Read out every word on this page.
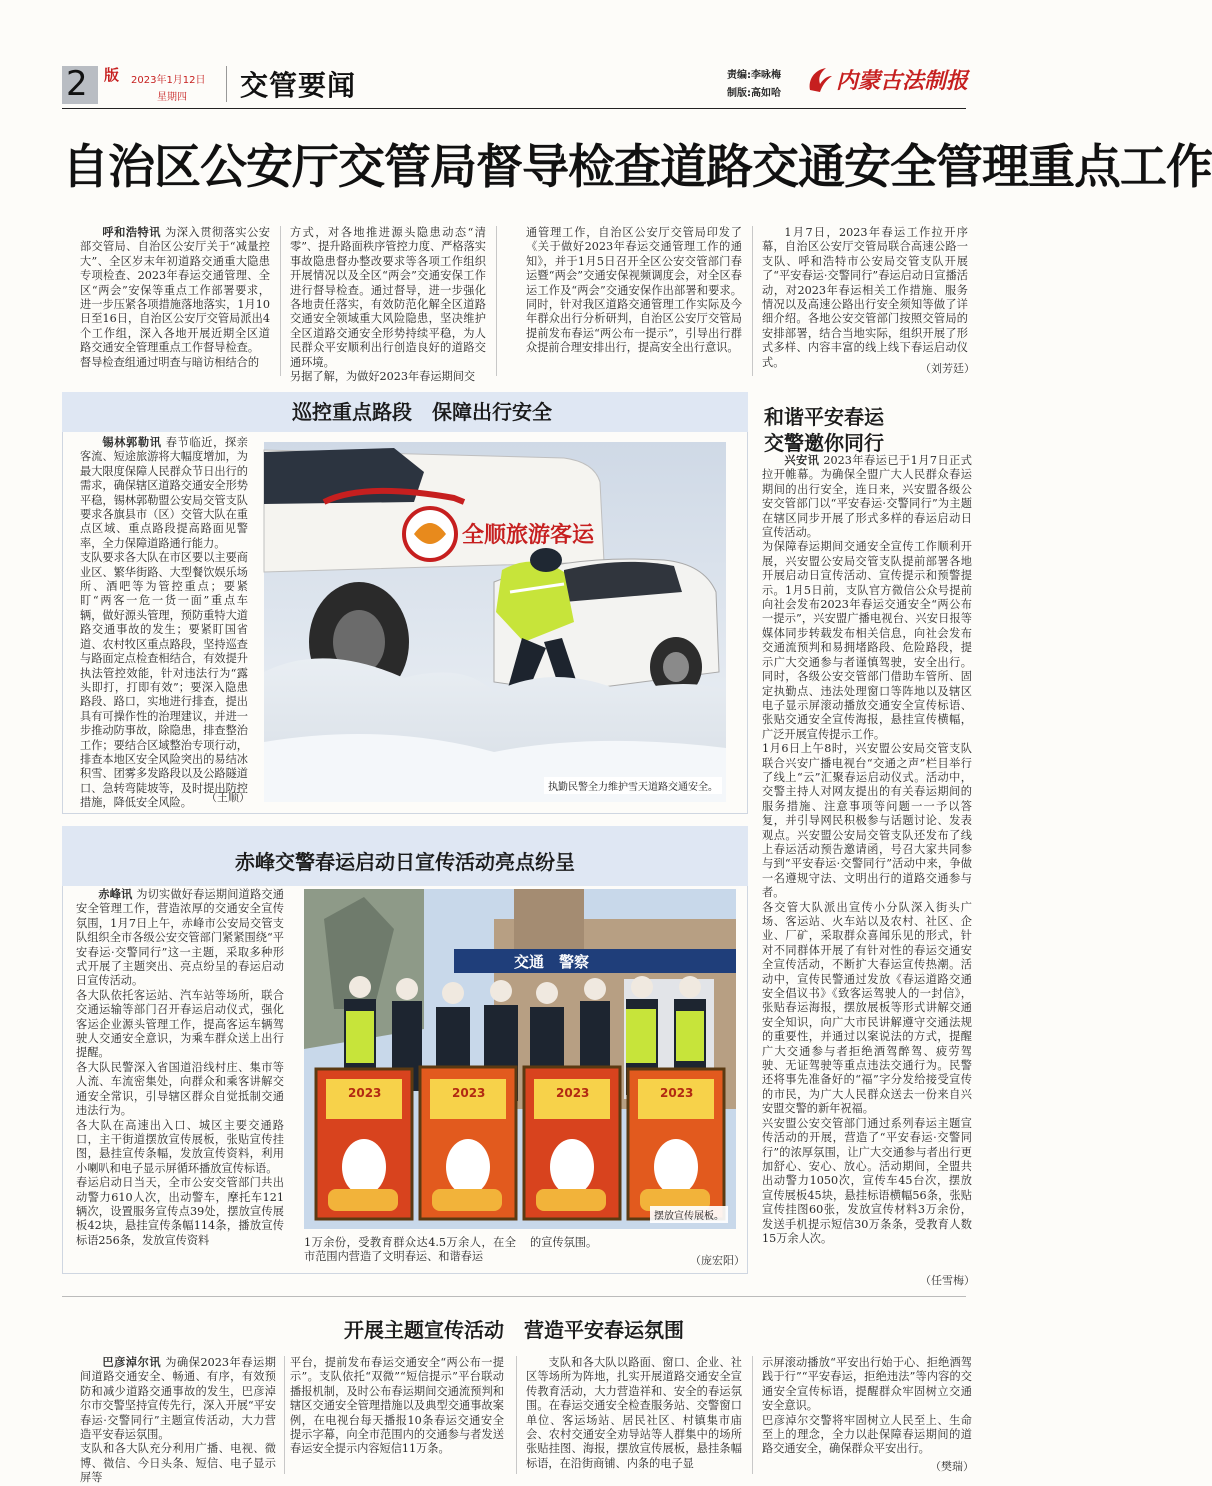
2 版 2023年1月12日
星期四 交管要闻	责编:李咏梅
制版:高如哈	内蒙古法制报
自治区公安厅交管局督导检查道路交通安全管理重点工作
呼和浩特讯 为深入贯彻落实公安部交管局、自治区公安厅关于“减量控大”、全区岁末年初道路交通重大隐患专项检查、2023年春运交通管理、全区“两会”安保等重点工作部署要求，进一步压紧各项措施落地落实，1月10日至16日，自治区公安厅交管局派出4个工作组，深入各地开展近期全区道路交通安全管理重点工作督导检查。
督导检查组通过明查与暗访相结合的
方式，对各地推进源头隐患动态“清零”、提升路面秩序管控力度、严格落实事故隐患督办整改要求等各项工作组织开展情况以及全区“两会”交通安保工作进行督导检查。通过督导，进一步强化各地责任落实，有效防范化解全区道路交通安全领域重大风险隐患，坚决维护全区道路交通安全形势持续平稳，为人民群众平安顺利出行创造良好的道路交通环境。
另据了解，为做好2023年春运期间交
通管理工作，自治区公安厅交管局印发了《关于做好2023年春运交通管理工作的通知》，并于1月5日召开全区公安交管部门春运暨“两会”交通安保视频调度会，对全区春运工作及“两会”交通安保作出部署和要求。同时，针对我区道路交通管理工作实际及今年群众出行分析研判，自治区公安厅交管局提前发布春运“两公布一提示”，引导出行群众提前合理安排出行，提高安全出行意识。
1月7日，2023年春运工作拉开序幕，自治区公安厅交管局联合高速公路一支队、呼和浩特市公安局交管支队开展了“平安春运·交警同行”春运启动日宣播活动，对2023年春运相关工作措施、服务情况以及高速公路出行安全须知等做了详细介绍。各地公安交管部门按照交管局的安排部署，结合当地实际，组织开展了形式多样、内容丰富的线上线下春运启动仪式。	（刘芳廷）
巡控重点路段　保障出行安全
锡林郭勒讯 春节临近，探亲客流、短途旅游将大幅度增加，为最大限度保障人民群众节日出行的需求，确保辖区道路交通安全形势平稳，锡林郭勒盟公安局交管支队要求各旗县市（区）交管大队在重点区域、重点路段提高路面见警率，全力保障道路通行能力。
支队要求各大队在市区要以主要商业区、繁华街路、大型餐饮娱乐场所、酒吧等为管控重点；要紧盯“两客一危一货一面”重点车辆，做好源头管理，预防重特大道路交通事故的发生；要紧盯国省道、农村牧区重点路段，坚持巡查与路面定点检查相结合，有效提升执法管控效能，针对违法行为“露头即打，打即有效”；要深入隐患路段、路口，实地进行排查，提出具有可操作性的治理建议，并进一步推动防事故，除隐患，排查整治工作；要结合区域整治专项行动，排查本地区安全风险突出的易结冰积雪、团雾多发路段以及公路隧道口、急转弯陡坡等，及时提出防控措施，降低安全风险。	（王顺）
全顺旅游客运
执勤民警全力维护雪天道路交通安全。
赤峰交警春运启动日宣传活动亮点纷呈
赤峰讯 为切实做好春运期间道路交通安全管理工作，营造浓厚的交通安全宣传氛围，1月7日上午，赤峰市公安局交管支队组织全市各级公安交管部门紧紧围绕“平安春运·交警同行”这一主题，采取多种形式开展了主题突出、亮点纷呈的春运启动日宣传活动。
各大队依托客运站、汽车站等场所，联合交通运输等部门召开春运启动仪式，强化客运企业源头管理工作，提高客运车辆驾驶人交通安全意识，为乘车群众送上出行提醒。
各大队民警深入省国道沿线村庄、集市等人流、车流密集处，向群众和乘客讲解交通安全常识，引导辖区群众自觉抵制交通违法行为。
各大队在高速出入口、城区主要交通路口，主干街道摆放宣传展板，张贴宣传挂图，悬挂宣传条幅，发放宣传资料，利用小喇叭和电子显示屏循环播放宣传标语。
春运启动日当天，全市公安交管部门共出动警力610人次，出动警车，摩托车121辆次，设置服务宣传点39处，摆放宣传展板42块，悬挂宣传条幅114条，播放宣传标语256条，发放宣传资料
交通　警察
2023	2023	2023	2023
摆放宣传展板。
1万余份，受教育群众达4.5万余人，在全市范围内营造了文明春运、和谐春运
的宣传氛围。
（庞宏阳）
和谐平安春运
交警邀你同行
兴安讯 2023年春运已于1月7日正式拉开帷幕。为确保全盟广大人民群众春运期间的出行安全，连日来，兴安盟各级公安交管部门以“平安春运·交警同行”为主题在辖区同步开展了形式多样的春运启动日宣传活动。
为保障春运期间交通安全宣传工作顺利开展，兴安盟公安局交管支队提前部署各地开展启动日宣传活动、宣传提示和预警提示。1月5日前，支队官方微信公众号提前向社会发布2023年春运交通安全“两公布一提示”，兴安盟广播电视台、兴安日报等媒体同步转载发布相关信息，向社会发布交通流预判和易拥堵路段、危险路段，提示广大交通参与者谨慎驾驶，安全出行。同时，各级公安交管部门借助车管所、固定执勤点、违法处理窗口等阵地以及辖区电子显示屏滚动播放交通安全宣传标语、张贴交通安全宣传海报，悬挂宣传横幅，广泛开展宣传提示工作。
1月6日上午8时，兴安盟公安局交管支队联合兴安广播电视台“交通之声”栏目举行了线上“云”汇聚春运启动仪式。活动中，交警主持人对网友提出的有关春运期间的服务措施、注意事项等问题一一予以答复，并引导网民积极参与话题讨论、发表观点。兴安盟公安局交管支队还发布了线上春运活动预告邀请函，号召大家共同参与到“平安春运·交警同行”活动中来，争做一名遵规守法、文明出行的道路交通参与者。
各交管大队派出宣传小分队深入街头广场、客运站、火车站以及农村、社区、企业、厂矿，采取群众喜闻乐见的形式，针对不同群体开展了有针对性的春运交通安全宣传活动，不断扩大春运宣传热潮。活动中，宣传民警通过发放《春运道路交通安全倡议书》《致客运驾驶人的一封信》，张贴春运海报，摆放展板等形式讲解交通安全知识，向广大市民讲解遵守交通法规的重要性，并通过以案说法的方式，提醒广大交通参与者拒绝酒驾醉驾、疲劳驾驶、无证驾驶等重点违法交通行为。民警还将事先准备好的“福”字分发给接受宣传的市民，为广大人民群众送去一份来自兴安盟交警的新年祝福。
兴安盟公安交管部门通过系列春运主题宣传活动的开展，营造了“平安春运·交警同行”的浓厚氛围，让广大交通参与者出行更加舒心、安心、放心。活动期间，全盟共出动警力1050次，宣传车45台次，摆放宣传展板45块，悬挂标语横幅56条，张贴宣传挂图60张，发放宣传材料3万余份，发送手机提示短信30万条条，受教育人数15万余人次。
（任雪梅）
开展主题宣传活动　营造平安春运氛围
巴彦淖尔讯 为确保2023年春运期间道路交通安全、畅通、有序，有效预防和减少道路交通事故的发生，巴彦淖尔市交警坚持宣传先行，深入开展“平安春运·交警同行”主题宣传活动，大力营造平安春运氛围。
支队和各大队充分利用广播、电视、微博、微信、今日头条、短信、电子显示屏等
平台，提前发布春运交通安全“两公布一提示”。支队依托“双微”“短信提示”平台联动播报机制，及时公布春运期间交通流预判和辖区交通安全管理措施以及典型交通事故案例，在电视台每天播报10条春运交通安全提示字幕，向全市范围内的交通参与者发送春运安全提示内容短信11万条。
支队和各大队以路面、窗口、企业、社区等场所为阵地，扎实开展道路交通安全宣传教育活动，大力营造祥和、安全的春运氛围。在春运交通安全检查服务站、交警窗口单位、客运场站、居民社区、村镇集市庙会、农村交通安全劝导站等人群集中的场所张贴挂图、海报，摆放宣传展板，悬挂条幅标语，在沿街商铺、内条的电子显
示屏滚动播放“平安出行始于心、拒绝酒驾践于行”“平安春运，拒绝违法”等内容的交通安全宣传标语，提醒群众牢固树立交通安全意识。
巴彦淖尔交警将牢固树立人民至上、生命至上的理念，全力以赴保障春运期间的道路交通安全，确保群众平安出行。
（樊瑞）
